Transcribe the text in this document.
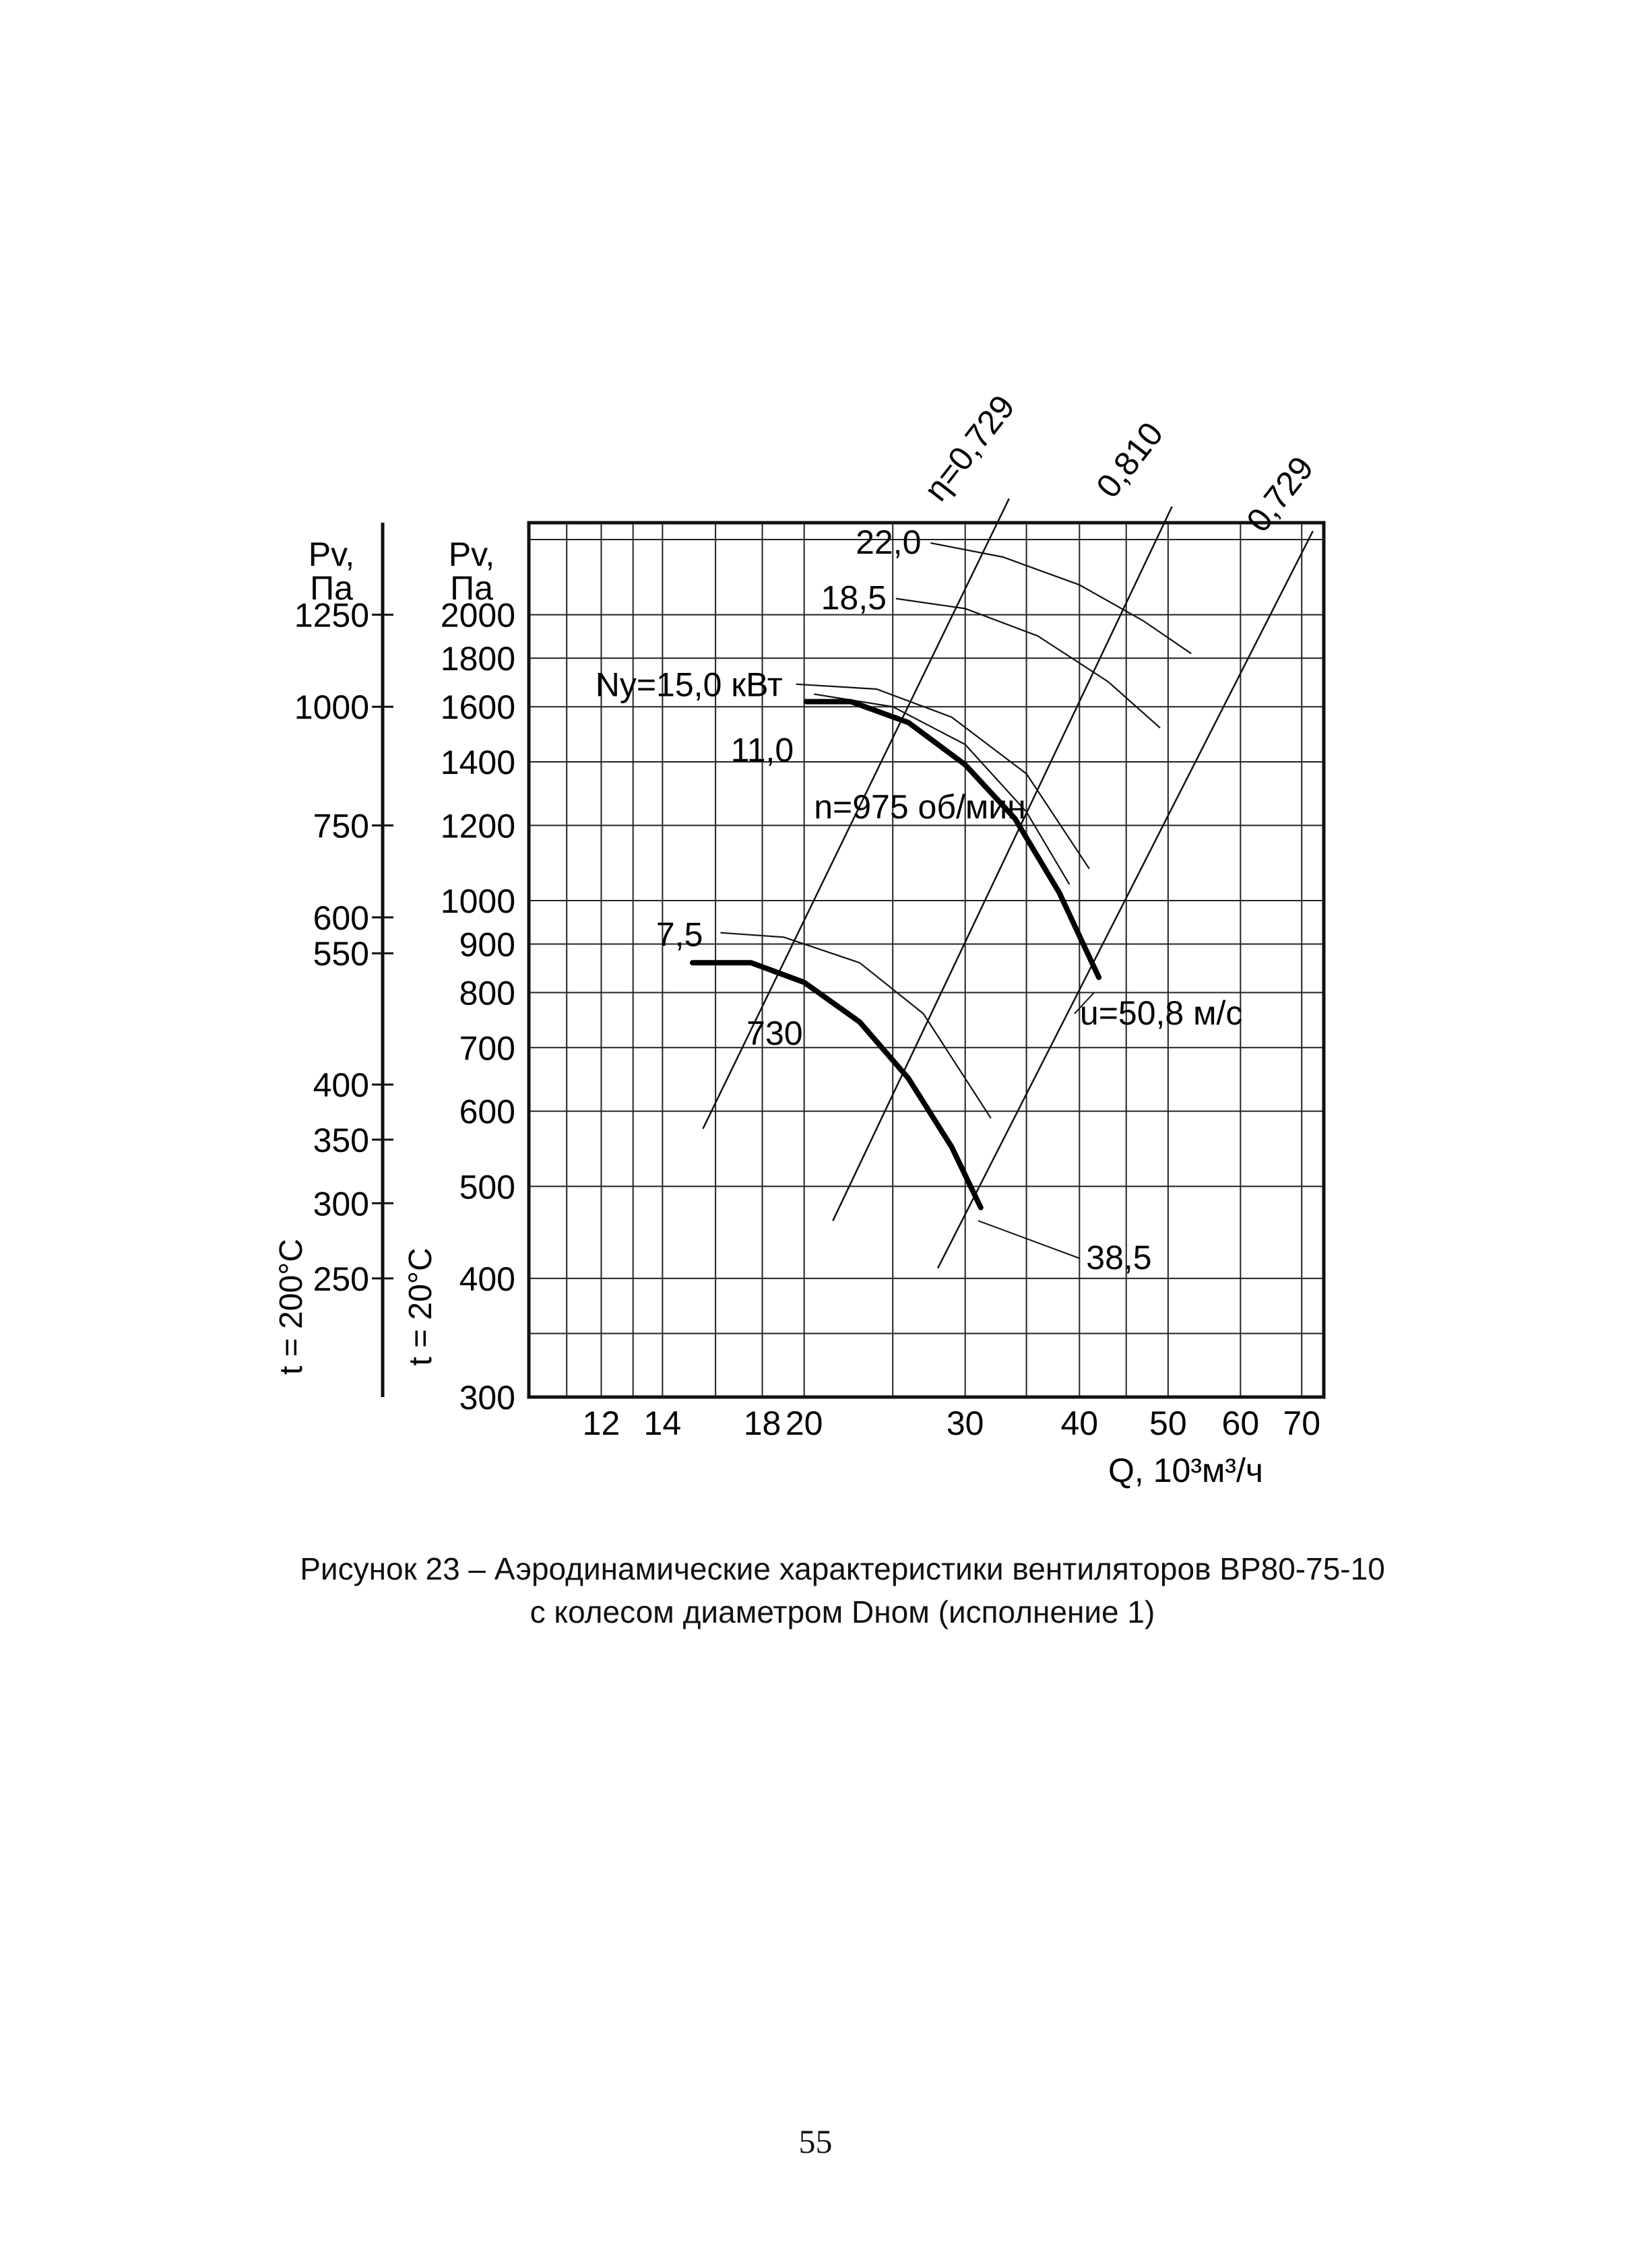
Pv,
Па
Pv,
Па
t = 200°C	t = 20°C
2000
1800
1600
1400
1200
1000
900
800
700
600
500
400
300
1250
1000
750
600
550
400
350
300
250
12 14 18 20	30 40 50 60 70
22,0
18,5
Nу=15,0 кВт
11,0
7,5
n=975 об/мин
730
38,5
u=50,8 м/с
η=0,729 0,810 0,729
Q, 10³м³/ч
Рисунок 23 – Аэродинамические характеристики вентиляторов ВР80-75-10
с колесом диаметром Dном (исполнение 1)
55
